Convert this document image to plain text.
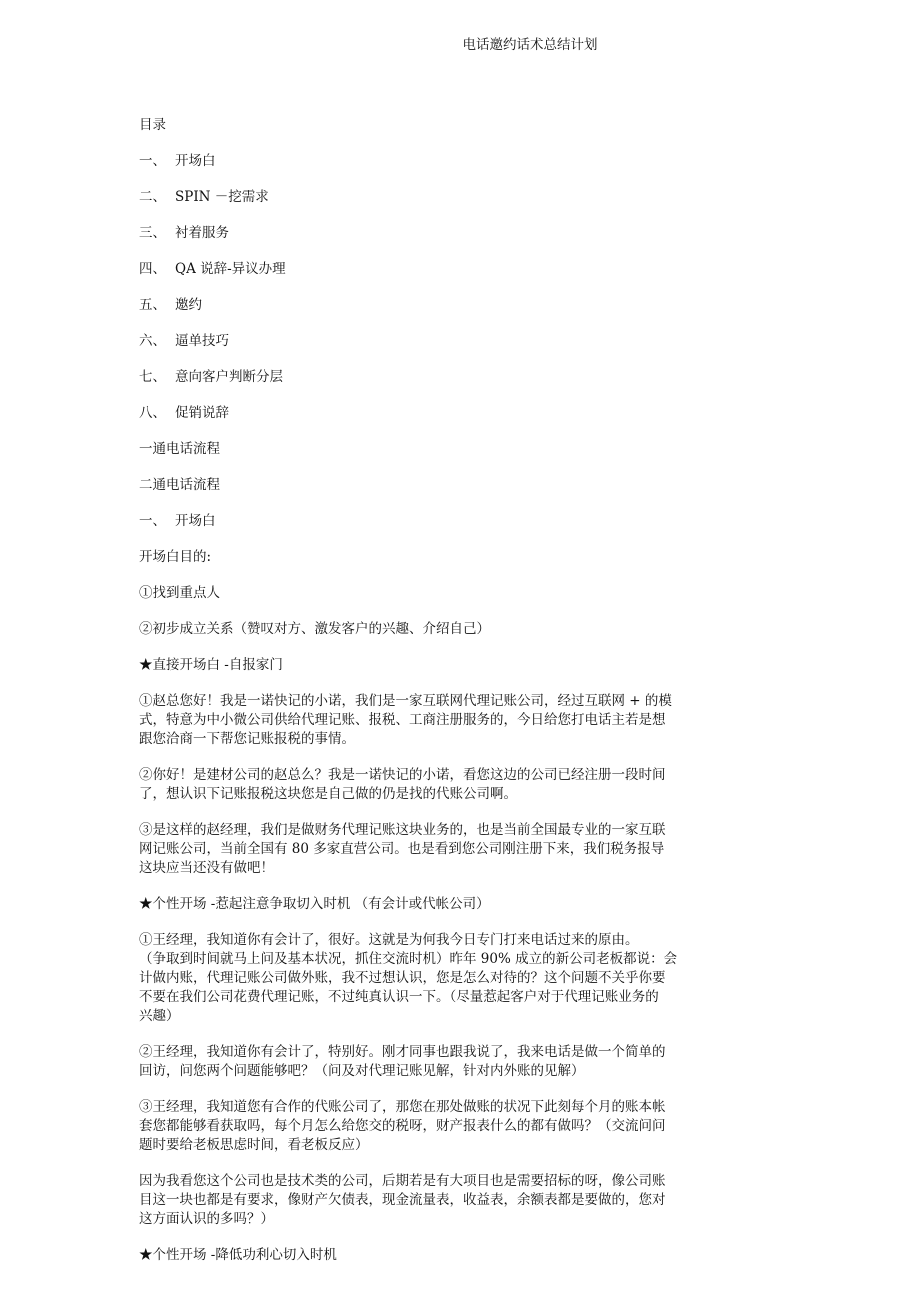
电话邀约话术总结计划

目录

一、 开场白

二、 SPIN －挖需求

三、 衬着服务

四、 QA 说辞-异议办理

五、 邀约

六、 逼单技巧

七、 意向客户判断分层

八、 促销说辞

一通电话流程

二通电话流程

一、 开场白

开场白目的:

①找到重点人

②初步成立关系（赞叹对方、激发客户的兴趣、介绍自己）

★直接开场白 -自报家门

①赵总您好！我是一诺快记的小诺，我们是一家互联网代理记账公司，经过互联网 + 的模
式，特意为中小微公司供给代理记账、报税、工商注册服务的，今日给您打电话主若是想
跟您洽商一下帮您记账报税的事情。

②你好！是建材公司的赵总么？我是一诺快记的小诺，看您这边的公司已经注册一段时间
了，想认识下记账报税这块您是自己做的仍是找的代账公司啊。

③是这样的赵经理，我们是做财务代理记账这块业务的，也是当前全国最专业的一家互联
网记账公司，当前全国有 80 多家直营公司。也是看到您公司刚注册下来，我们税务报导
这块应当还没有做吧！

★个性开场 -惹起注意争取切入时机 （有会计或代帐公司）

①王经理，我知道你有会计了，很好。这就是为何我今日专门打来电话过来的原由。
（争取到时间就马上问及基本状况，抓住交流时机）昨年 90% 成立的新公司老板都说：会
计做内账，代理记账公司做外账，我不过想认识，您是怎么对待的？这个问题不关乎你要
不要在我们公司花费代理记账，不过纯真认识一下。（尽量惹起客户对于代理记账业务的
兴趣）

②王经理，我知道你有会计了，特别好。刚才同事也跟我说了，我来电话是做一个简单的
回访，问您两个问题能够吧？（问及对代理记账见解，针对内外账的见解）

③王经理，我知道您有合作的代账公司了，那您在那处做账的状况下此刻每个月的账本帐
套您都能够看获取吗，每个月怎么给您交的税呀，财产报表什么的都有做吗？（交流问问
题时要给老板思虑时间，看老板反应）

因为我看您这个公司也是技术类的公司，后期若是有大项目也是需要招标的呀，像公司账
目这一块也都是有要求，像财产欠债表，现金流量表，收益表，余额表都是要做的，您对
这方面认识的多吗？）

★个性开场 -降低功利心切入时机
